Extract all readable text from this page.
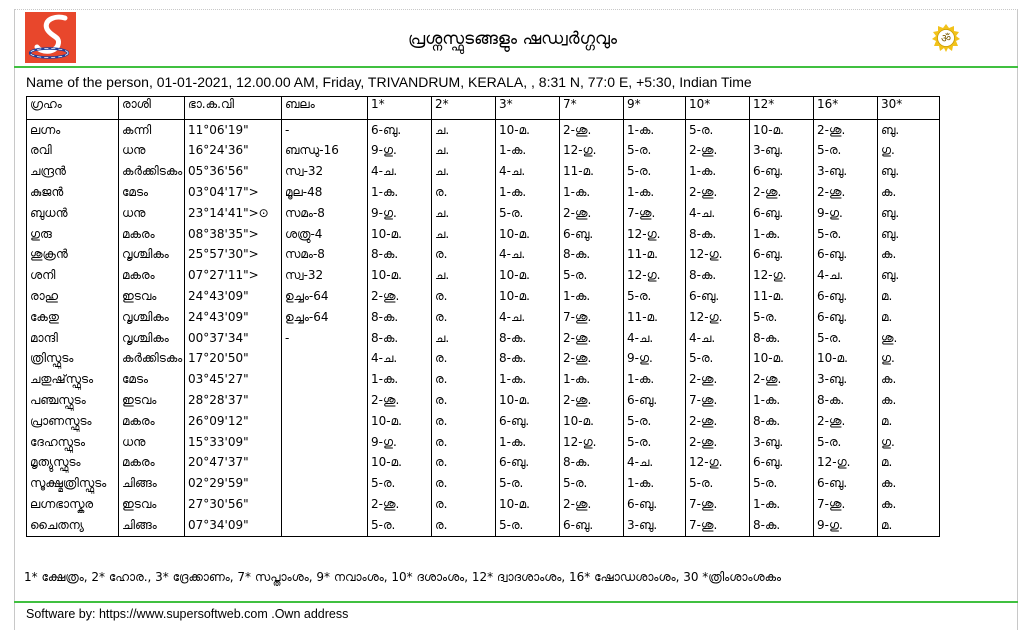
പ്രശ്നസ്ഫുടങ്ങളും ഷഡ്വർഗ്ഗവും	ॐ
Name of the person, 01-01-2021, 12.00.00 AM, Friday, TRIVANDRUM, KERALA, , 8:31 N, 77:0 E, +5:30, Indian Time
ഗ്രഹം	രാശി	ഭാ.ക.വി	ബലം	1*	2*	3*	7*	9*	10*	12*	16*	30*
ലഗ്നം	കന്നി	11°06'19"	-	6-ബു.	ച.	10-മ.	2-ശു.	1-ക.	5-ര.	10-മ.	2-ശു.	ബു.
രവി	ധനു	16°24'36"	ബന്ധു-16	9-ഗു.	ച.	1-ക.	12-ഗു.	5-ര.	2-ശു.	3-ബു.	5-ര.	ഗു.
ചന്ദ്രൻ	കർക്കിടകം	05°36'56"	സ്വ-32	4-ച.	ച.	4-ച.	11-മ.	5-ര.	1-ക.	6-ബു.	3-ബു.	ബു.
കുജൻ	മേടം	03°04'17">	മൂല-48	1-ക.	ര.	1-ക.	1-ക.	1-ക.	2-ശു.	2-ശു.	2-ശു.	ക.
ബുധൻ	ധനു	23°14'41">⊙	സമം-8	9-ഗു.	ച.	5-ര.	2-ശു.	7-ശു.	4-ച.	6-ബു.	9-ഗു.	ബു.
ഗുരു	മകരം	08°38'35">	ശത്രു-4	10-മ.	ച.	10-മ.	6-ബു.	12-ഗു.	8-ക.	1-ക.	5-ര.	ബു.
ശുക്രൻ	വൃശ്ചികം	25°57'30">	സമം-8	8-ക.	ര.	4-ച.	8-ക.	11-മ.	12-ഗു.	6-ബു.	6-ബു.	ക.
ശനി	മകരം	07°27'11">	സ്വ-32	10-മ.	ച.	10-മ.	5-ര.	12-ഗു.	8-ക.	12-ഗു.	4-ച.	ബു.
രാഹു	ഇടവം	24°43'09"	ഉച്ചം-64	2-ശു.	ര.	10-മ.	1-ക.	5-ര.	6-ബു.	11-മ.	6-ബു.	മ.
കേതു	വൃശ്ചികം	24°43'09"	ഉച്ചം-64	8-ക.	ര.	4-ച.	7-ശു.	11-മ.	12-ഗു.	5-ര.	6-ബു.	മ.
മാന്ദി	വൃശ്ചികം	00°37'34"	-	8-ക.	ച.	8-ക.	2-ശു.	4-ച.	4-ച.	8-ക.	5-ര.	ശു.
ത്രിസ്ഫുടം	കർക്കിടകം	17°20'50"		4-ച.	ര.	8-ക.	2-ശു.	9-ഗു.	5-ര.	10-മ.	10-മ.	ഗു.
ചതുഷ്‌സ്ഫുടം	മേടം	03°45'27"		1-ക.	ര.	1-ക.	1-ക.	1-ക.	2-ശു.	2-ശു.	3-ബു.	ക.
പഞ്ചസ്ഫുടം	ഇടവം	28°28'37"		2-ശു.	ര.	10-മ.	2-ശു.	6-ബു.	7-ശു.	1-ക.	8-ക.	ക.
പ്രാണസ്ഫുടം	മകരം	26°09'12"		10-മ.	ര.	6-ബു.	10-മ.	5-ര.	2-ശു.	8-ക.	2-ശു.	മ.
ദേഹസ്ഫുടം	ധനു	15°33'09"		9-ഗു.	ര.	1-ക.	12-ഗു.	5-ര.	2-ശു.	3-ബു.	5-ര.	ഗു.
മൃത്യുസ്ഫുടം	മകരം	20°47'37"		10-മ.	ര.	6-ബു.	8-ക.	4-ച.	12-ഗു.	6-ബു.	12-ഗു.	മ.
സൂക്ഷ്മത്രിസ്ഫുടം	ചിങ്ങം	02°29'59"		5-ര.	ര.	5-ര.	5-ര.	1-ക.	5-ര.	5-ര.	6-ബു.	ക.
ലഗ്നഭാസ്കര	ഇടവം	27°30'56"		2-ശു.	ര.	10-മ.	2-ശു.	6-ബു.	7-ശു.	1-ക.	7-ശു.	ക.
ചൈതന്യ	ചിങ്ങം	07°34'09"		5-ര.	ര.	5-ര.	6-ബു.	3-ബു.	7-ശു.	8-ക.	9-ഗു.	മ.
1* ക്ഷേത്രം, 2* ഹോര., 3* ദ്രേക്കാണം, 7* സപ്താംശം, 9* നവാംശം, 10* ദശാംശം, 12* ദ്വാദശാംശം, 16* ഷോഡശാംശം, 30 *ത്രിംശാംശകം
Software by: https://www.supersoftweb.com .Own address
